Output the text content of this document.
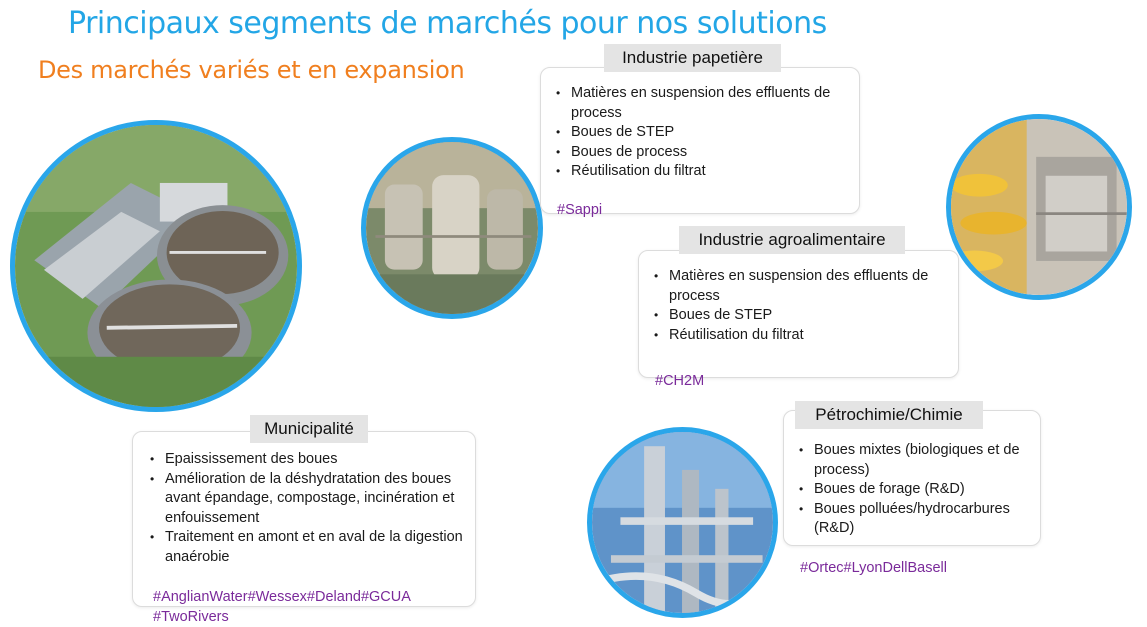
Principaux segments de marchés pour nos solutions
Des marchés variés et en expansion
• Matières en suspension des effluents de process
• Boues de STEP
• Boues de process
• Réutilisation du filtrat
#Sappi
Industrie papetière
• Matières en suspension des effluents de process
• Boues de STEP
• Réutilisation du filtrat
#CH2M
Industrie agroalimentaire
• Epaississement des boues
• Amélioration de la déshydratation des boues avant épandage, compostage, incinération et enfouissement
• Traitement en amont et en aval de la digestion anaérobie
#AnglianWater#Wessex#Deland#GCUA #TwoRivers
Municipalité
• Boues mixtes (biologiques et de process)
• Boues de forage (R&D)
• Boues polluées/hydrocarbures (R&D)
#Ortec#LyonDellBasell
Pétrochimie/Chimie
